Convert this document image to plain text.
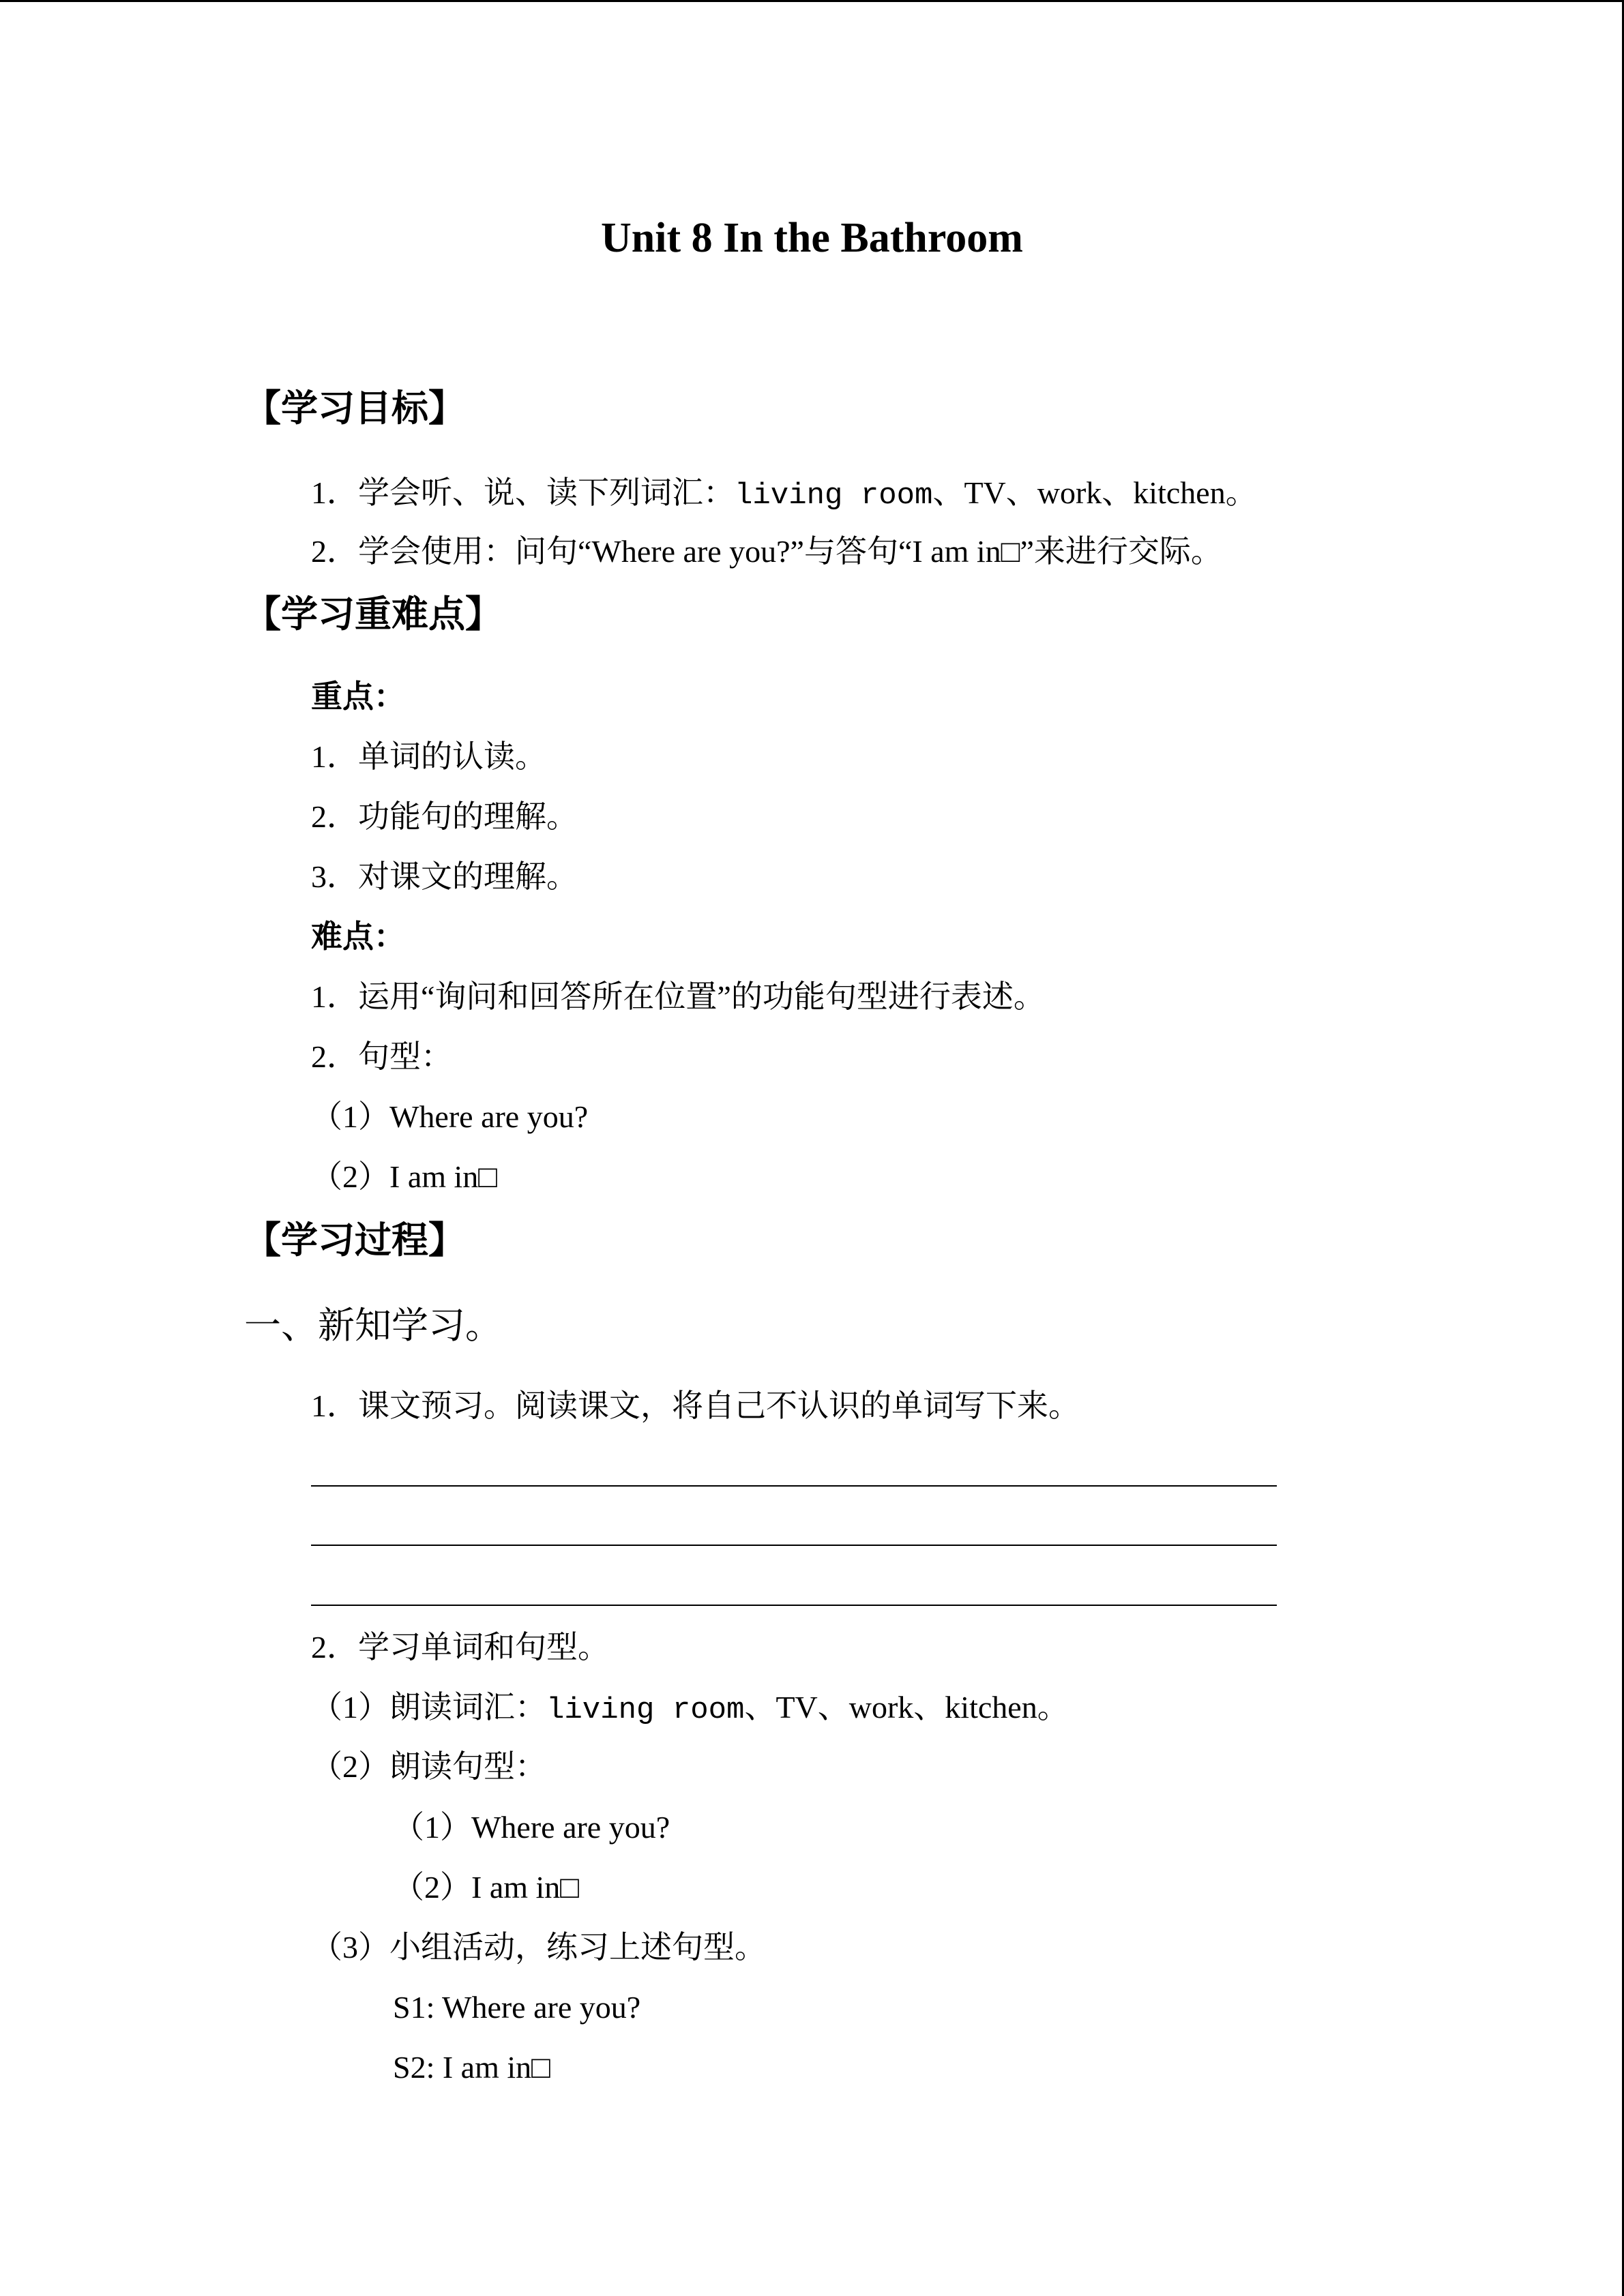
Unit 8 In the Bathroom
【学习目标】
1．学会听、说、读下列词汇：living room、TV、work、kitchen。
2．学会使用：问句“Where are you?”与答句“I am in□”来进行交际。
【学习重难点】
重点：
1．单词的认读。
2．功能句的理解。
3．对课文的理解。
难点：
1．运用“询问和回答所在位置”的功能句型进行表述。
2．句型：
（1）Where are you?
（2）I am in□
【学习过程】
一、新知学习。
1．课文预习。阅读课文，将自己不认识的单词写下来。
2．学习单词和句型。
（1）朗读词汇：living room、TV、work、kitchen。
（2）朗读句型：
（1）Where are you?
（2）I am in□
（3）小组活动，练习上述句型。
S1: Where are you?
S2: I am in□
